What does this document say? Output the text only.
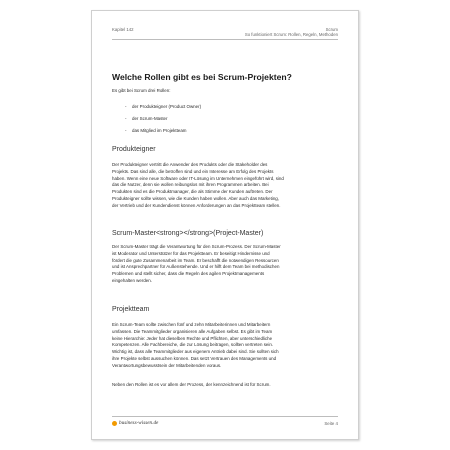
Kapitel 142	Scrum
So funktioniert Scrum: Rollen, Regeln, Methoden
Welche Rollen gibt es bei Scrum-Projekten?
Es gibt bei Scrum drei Rollen:
- der Produkteigner (Product Owner)
- der Scrum-Master
- das Mitglied im Projektteam
Produkteigner
Der Produkteigner vertritt die Anwender des Produkts oder die Stakeholder des
Projekts. Das sind alle, die betroffen sind und ein Interesse am Erfolg des Projekts
haben. Wenn eine neue Software oder IT-Lösung im Unternehmen eingeführt wird, sind
das die Nutzer, denn sie wollen reibungslos mit ihren Programmen arbeiten. Bei
Produkten sind es die Produktmanager, die als Stimme der Kunden auftreten. Der
Produkteigner sollte wissen, wie die Kunden haben wollen. Aber auch das Marketing,
der Vertrieb und der Kundendienst können Anforderungen an das Projektteam stellen.
Scrum-Master<strong></strong>(Project-Master)
Der Scrum-Master trägt die Verantwortung für den Scrum-Prozess. Der Scrum-Master
ist Moderator und Unterstützer für das Projektteam. Er beseitigt Hindernisse und
fördert die gute Zusammenarbeit im Team. Er beschafft die notwendigen Ressourcen
und ist Ansprechpartner für Außenstehende. Und er hilft dem Team bei methodischen
Problemen und stellt sicher, dass die Regeln des agilen Projektmanagements
eingehalten werden.
Projektteam
Ein Scrum-Team sollte zwischen fünf und zehn Mitarbeiterinnen und Mitarbeitern
umfassen. Die Teammitglieder organisieren alle Aufgaben selbst. Es gibt im Team
keine Hierarchie: Jeder hat dieselben Rechte und Pflichten, aber unterschiedliche
Kompetenzen. Alle Fachbereiche, die zur Lösung beitragen, sollten vertreten sein.
Wichtig ist, dass alle Teammitglieder aus eigenem Antrieb dabei sind. Sie sollten sich
ihre Projekte selbst aussuchen können. Das setzt Vertrauen des Managements und
Verantwortungsbewusstsein der Mitarbeitenden voraus.
Neben den Rollen ist es vor allem der Prozess, der kennzeichnend ist für Scrum.
business-wissen.de	Seite 4
